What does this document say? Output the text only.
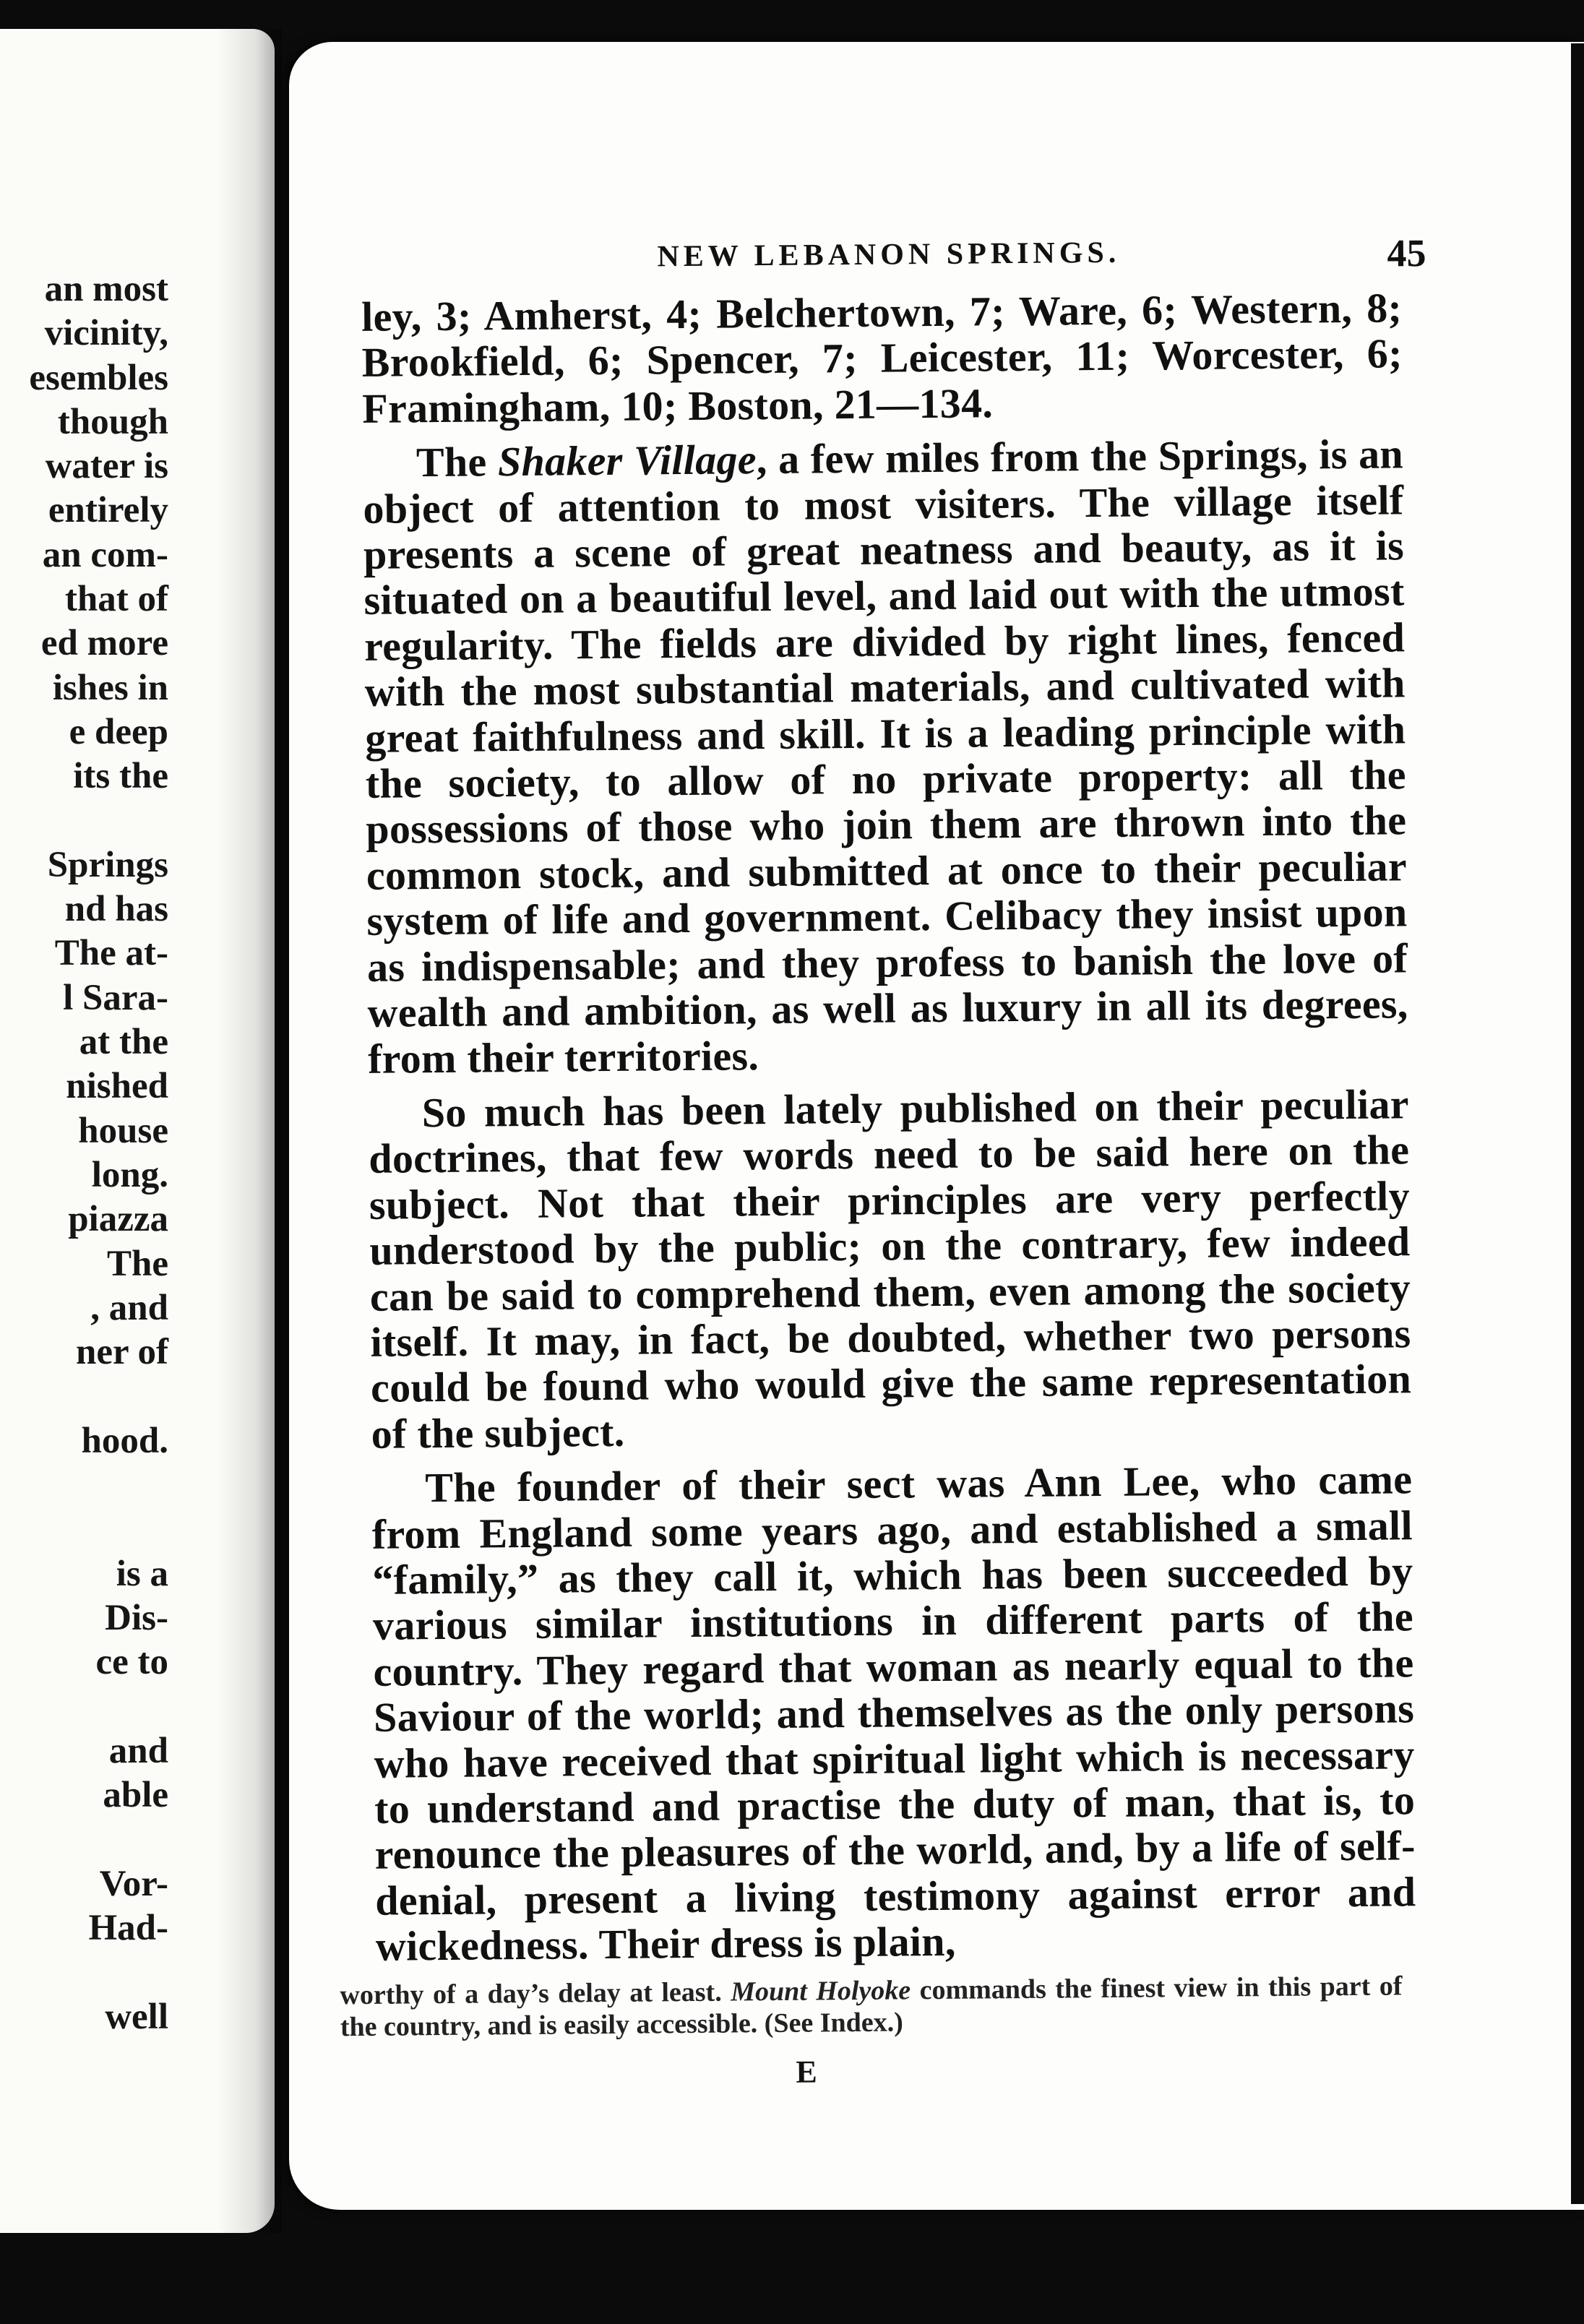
an most
vicinity,
esembles
though
water is
entirely
an com-
that of
ed more
ishes in
e deep
its the
Springs
nd has
The at-
l Sara-
at the
nished
house
long.
piazza
The
, and
ner of
hood.
is a
Dis-
ce to
and
able
Vor-
Had-
well
NEW LEBANON SPRINGS.	45

ley, 3; Amherst, 4; Belchertown, 7; Ware, 6; Western, 8; Brookfield, 6; Spencer, 7; Leicester, 11; Worcester, 6; Framingham, 10; Boston, 21—134.

The Shaker Village, a few miles from the Springs, is an object of attention to most visiters. The village itself presents a scene of great neatness and beauty, as it is situated on a beautiful level, and laid out with the utmost regularity. The fields are divided by right lines, fenced with the most substantial materials, and cultivated with great faithfulness and skill. It is a leading principle with the society, to allow of no private property: all the possessions of those who join them are thrown into the common stock, and submitted at once to their peculiar system of life and government. Celibacy they insist upon as indispensable; and they profess to banish the love of wealth and ambition, as well as luxury in all its degrees, from their territories.

So much has been lately published on their peculiar doctrines, that few words need to be said here on the subject. Not that their principles are very perfectly understood by the public; on the contrary, few indeed can be said to comprehend them, even among the society itself. It may, in fact, be doubted, whether two persons could be found who would give the same representation of the subject.

The founder of their sect was Ann Lee, who came from England some years ago, and established a small “family,” as they call it, which has been succeeded by various similar institutions in different parts of the country. They regard that woman as nearly equal to the Saviour of the world; and themselves as the only persons who have received that spiritual light which is necessary to understand and practise the duty of man, that is, to renounce the pleasures of the world, and, by a life of self-denial, present a living testimony against error and wickedness. Their dress is plain,

worthy of a day’s delay at least. Mount Holyoke commands the finest view in this part of the country, and is easily accessible. (See Index.)
E
